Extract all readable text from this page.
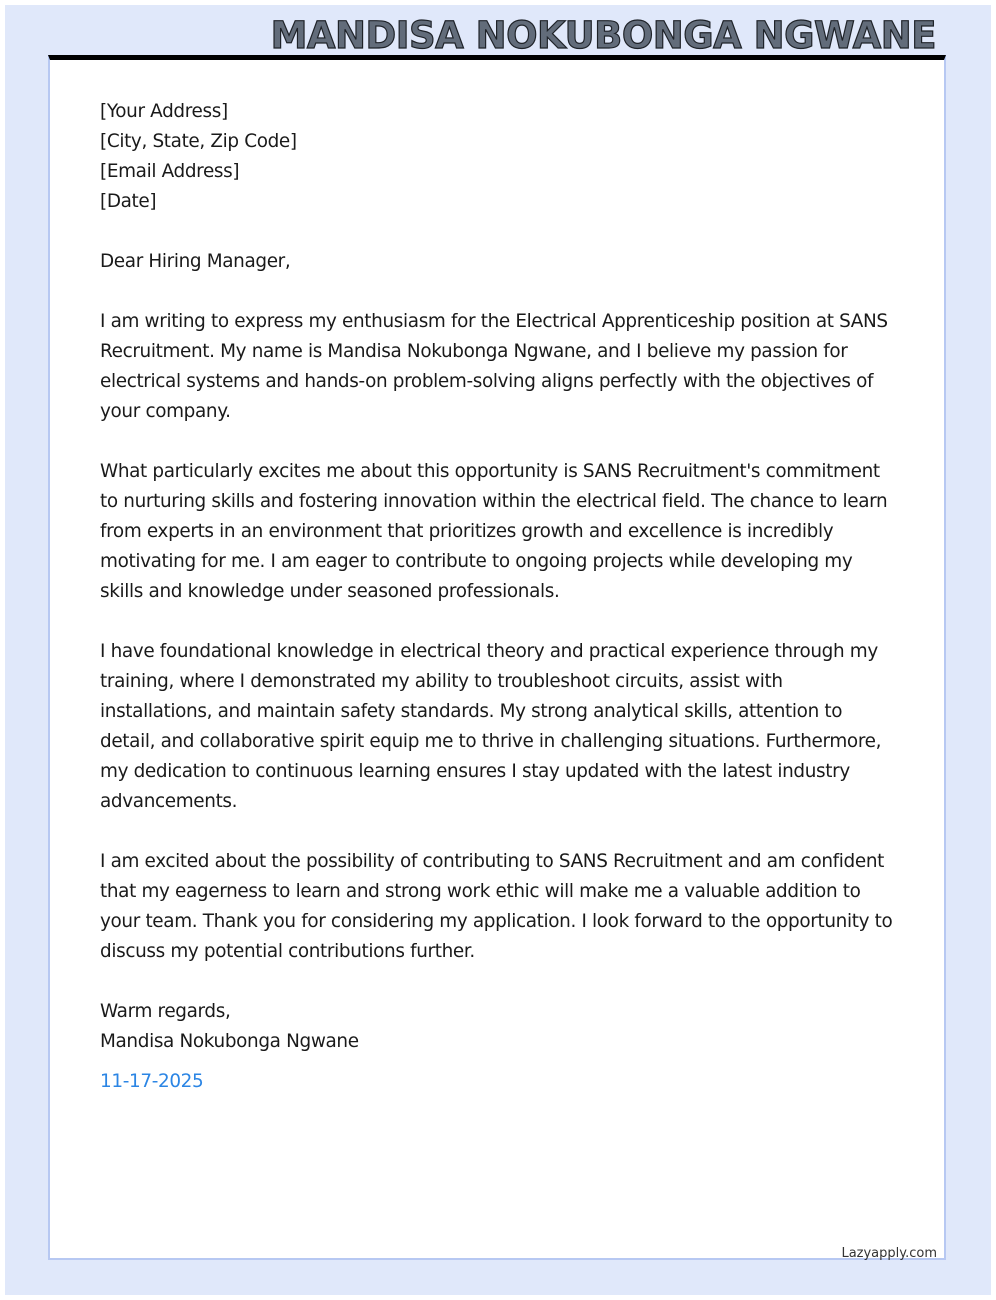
MANDISA NOKUBONGA NGWANE

[Your Address]

[City, State, Zip Code]

[Email Address]

[Date]

Dear Hiring Manager,

I am writing to express my enthusiasm for the Electrical Apprenticeship position at SANS Recruitment. My name is Mandisa Nokubonga Ngwane, and I believe my passion for electrical systems and hands-on problem-solving aligns perfectly with the objectives of your company.

What particularly excites me about this opportunity is SANS Recruitment's commitment to nurturing skills and fostering innovation within the electrical field. The chance to learn from experts in an environment that prioritizes growth and excellence is incredibly motivating for me. I am eager to contribute to ongoing projects while developing my skills and knowledge under seasoned professionals.

I have foundational knowledge in electrical theory and practical experience through my training, where I demonstrated my ability to troubleshoot circuits, assist with installations, and maintain safety standards. My strong analytical skills, attention to detail, and collaborative spirit equip me to thrive in challenging situations. Furthermore, my dedication to continuous learning ensures I stay updated with the latest industry advancements.

I am excited about the possibility of contributing to SANS Recruitment and am confident that my eagerness to learn and strong work ethic will make me a valuable addition to your team. Thank you for considering my application. I look forward to the opportunity to discuss my potential contributions further.

Warm regards,

Mandisa Nokubonga Ngwane

11-17-2025

Lazyapply.com
